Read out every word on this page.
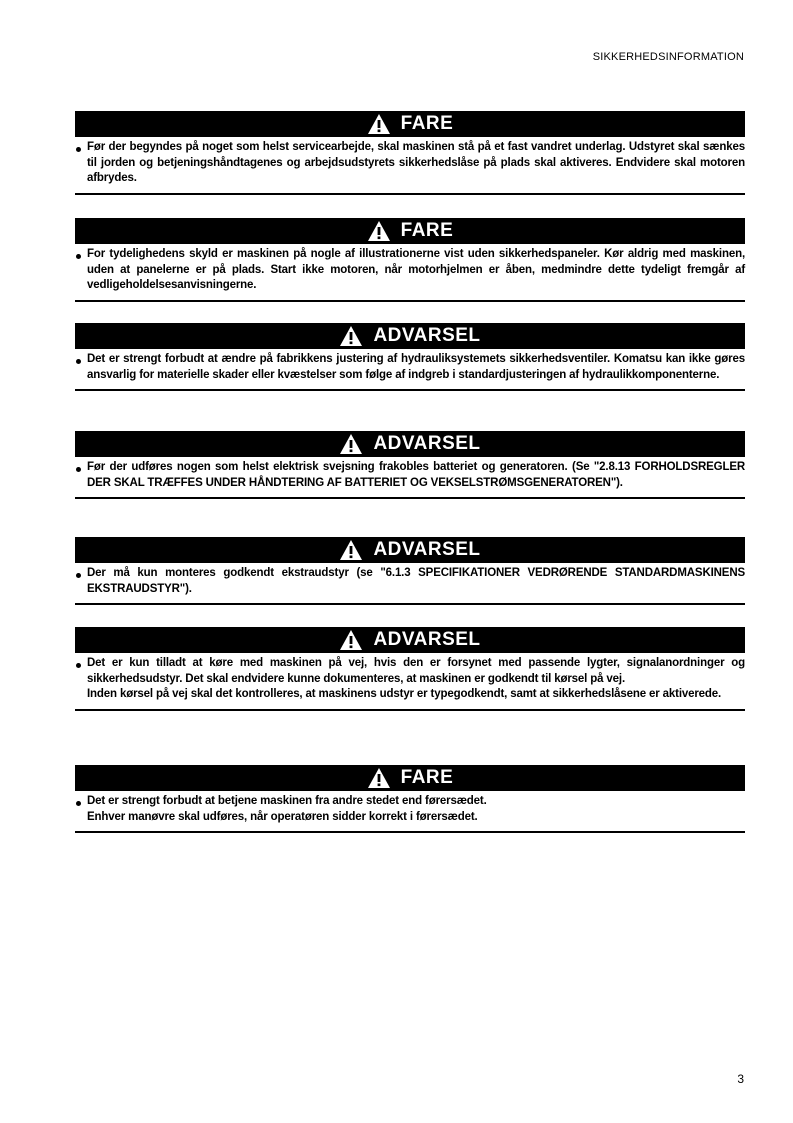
SIKKERHEDSINFORMATION
FARE

Før der begyndes på noget som helst servicearbejde, skal maskinen stå på et fast vandret underlag. Udstyret skal sænkes til jorden og betjeningshåndtagenes og arbejdsudstyrets sikkerhedslåse på plads skal aktiveres. Endvidere skal motoren afbrydes.

FARE

For tydelighedens skyld er maskinen på nogle af illustrationerne vist uden sikkerhedspaneler. Kør aldrig med maskinen, uden at panelerne er på plads. Start ikke motoren, når motorhjelmen er åben, medmindre dette tydeligt fremgår af vedligeholdelsesanvisningerne.

ADVARSEL

Det er strengt forbudt at ændre på fabrikkens justering af hydrauliksystemets sikkerhedsventiler. Komatsu kan ikke gøres ansvarlig for materielle skader eller kvæstelser som følge af indgreb i standardjusteringen af hydraulikkomponenterne.

ADVARSEL

Før der udføres nogen som helst elektrisk svejsning frakobles batteriet og generatoren. (Se "2.8.13 FORHOLDSREGLER DER SKAL TRÆFFES UNDER HÅNDTERING AF BATTERIET OG VEKSELSTRØMSGENERATOREN").

ADVARSEL

Der må kun monteres godkendt ekstraudstyr (se "6.1.3 SPECIFIKATIONER VEDRØRENDE STANDARDMASKINENS EKSTRAUDSTYR").

ADVARSEL

Det er kun tilladt at køre med maskinen på vej, hvis den er forsynet med passende lygter, signalanordninger og sikkerhedsudstyr. Det skal endvidere kunne dokumenteres, at maskinen er godkendt til kørsel på vej.

Inden kørsel på vej skal det kontrolleres, at maskinens udstyr er typegodkendt, samt at sikkerhedslåsene er aktiverede.

FARE

Det er strengt forbudt at betjene maskinen fra andre stedet end førersædet.

Enhver manøvre skal udføres, når operatøren sidder korrekt i førersædet.

3
